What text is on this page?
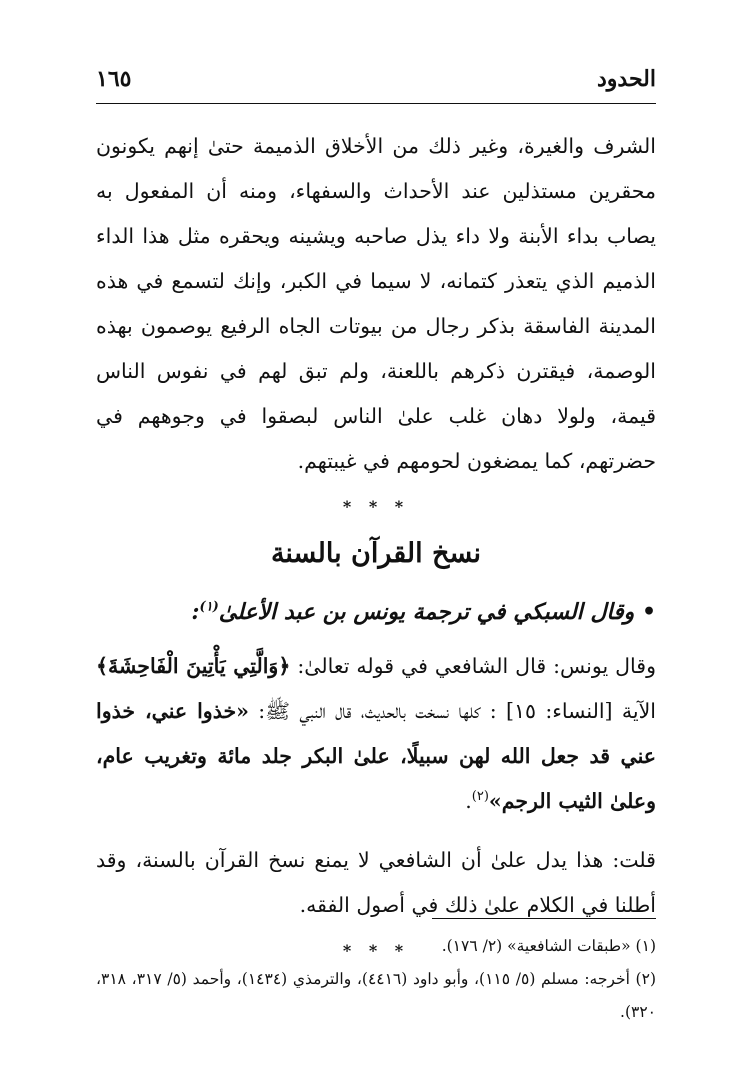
الحدود
١٦٥

الشرف والغيرة، وغير ذلك من الأخلاق الذميمة حتىٰ إنهم يكونون محقرين مستذلين عند الأحداث والسفهاء، ومنه أن المفعول به يصاب بداء الأبنة ولا داء يذل صاحبه ويشينه ويحقره مثل هذا الداء الذميم الذي يتعذر كتمانه، لا سيما في الكبر، وإنك لتسمع في هذه المدينة الفاسقة بذكر رجال من بيوتات الجاه الرفيع يوصمون بهذه الوصمة، فيقترن ذكرهم باللعنة، ولم تبق لهم في نفوس الناس قيمة، ولولا دهان غلب علىٰ الناس لبصقوا في وجوههم في حضرتهم، كما يمضغون لحومهم في غيبتهم.

* * *
نسخ القرآن بالسنة

• وقال السبكي في ترجمة يونس بن عبد الأعلىٰ$^{(١)}$:

وقال يونس: قال الشافعي في قوله تعالىٰ: ﴿وَالَّتِي يَأْتِينَ الْفَاحِشَةَ﴾ الآية [النساء: ١٥] : كلها نسخت بالحديث، قال النبي ﷺ: «خذوا عني، خذوا عني قد جعل الله لهن سبيلًا، علىٰ البكر جلد مائة وتغريب عام، وعلىٰ الثيب الرجم»$^{(٢)}$.

قلت: هذا يدل علىٰ أن الشافعي لا يمنع نسخ القرآن بالسنة، وقد أطلنا في الكلام علىٰ ذلك في أصول الفقه.

* * *	(١) «طبقات الشافعية» (٢/ ١٧٦).

(٢) أخرجه: مسلم (٥/ ١١٥)، وأبو داود (٤٤١٦)، والترمذي (١٤٣٤)، وأحمد (٥/ ٣١٧، ٣١٨، ٣٢٠).
